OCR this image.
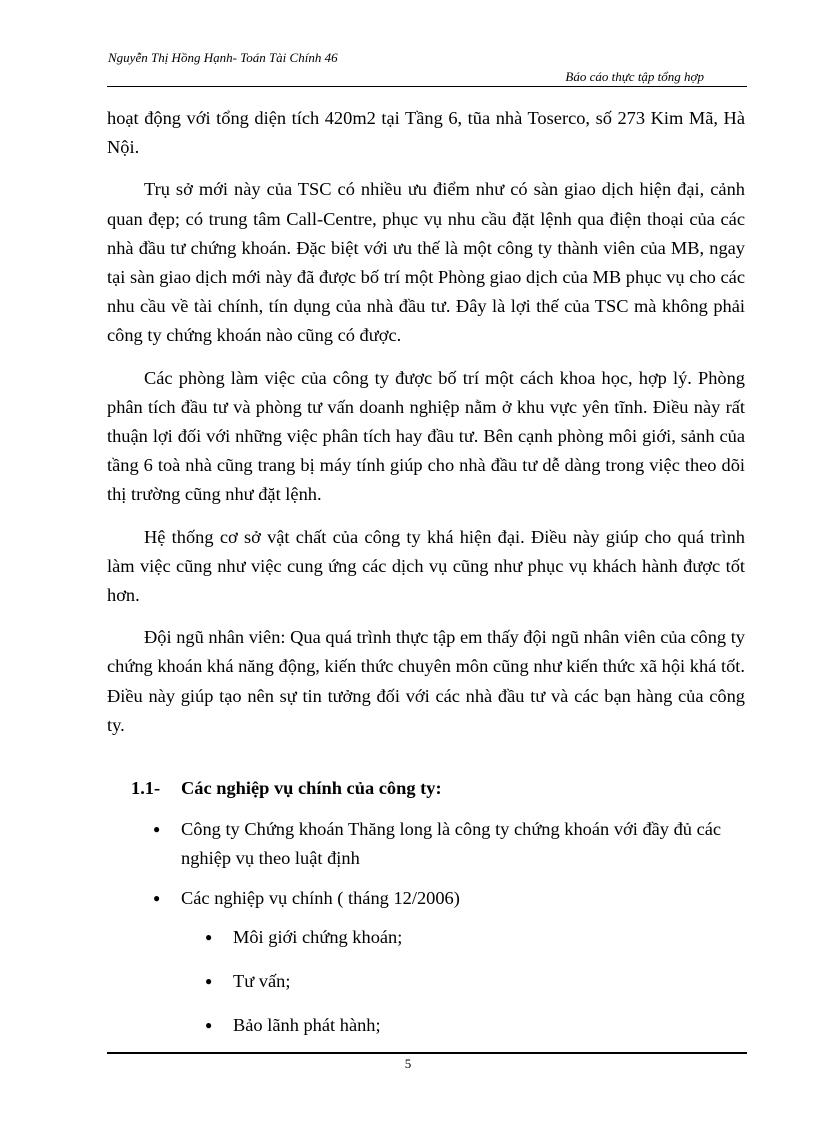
Nguyễn Thị Hồng Hạnh- Toán Tài Chính 46
Báo cáo thực tập tổng hợp

hoạt động với tổng diện tích 420m2 tại Tầng 6, tũa nhà Toserco, số 273 Kim Mã, Hà Nội.

Trụ sở mới này của TSC có nhiều ưu điểm như có sàn giao dịch hiện đại, cảnh quan đẹp; có trung tâm Call-Centre, phục vụ nhu cầu đặt lệnh qua điện thoại của các nhà đầu tư chứng khoán. Đặc biệt với ưu thế là một công ty thành viên của MB, ngay tại sàn giao dịch mới này đã được bố trí một Phòng giao dịch của MB phục vụ cho các nhu cầu về tài chính, tín dụng của nhà đầu tư. Đây là lợi thế của TSC mà không phải công ty chứng khoán nào cũng có được.

Các phòng làm việc của công ty được bố trí một cách khoa học, hợp lý. Phòng phân tích đầu tư và phòng tư vấn doanh nghiệp nằm ở khu vực yên tĩnh. Điều này rất thuận lợi đối với những việc phân tích hay đầu tư. Bên cạnh phòng môi giới, sảnh của tầng 6 toà nhà cũng trang bị máy tính giúp cho nhà đầu tư dễ dàng trong việc theo dõi thị trường cũng như đặt lệnh.

Hệ thống cơ sở vật chất của công ty khá hiện đại. Điều này giúp cho quá trình làm việc cũng như việc cung ứng các dịch vụ cũng như phục vụ khách hành được tốt hơn.

Đội ngũ nhân viên: Qua quá trình thực tập em thấy đội ngũ nhân viên của công ty chứng khoán khá năng động, kiến thức chuyên môn cũng như kiến thức xã hội khá tốt. Điều này giúp tạo nên sự tin tưởng đối với các nhà đầu tư và các bạn hàng của công ty.

1.1-	Các nghiệp vụ chính của công ty:
● Công ty Chứng khoán Thăng long là công ty chứng khoán với đầy đủ các nghiệp vụ theo luật định
● Các nghiệp vụ chính ( tháng 12/2006)
● Môi giới chứng khoán;
● Tư vấn;
● Bảo lãnh phát hành;
5
